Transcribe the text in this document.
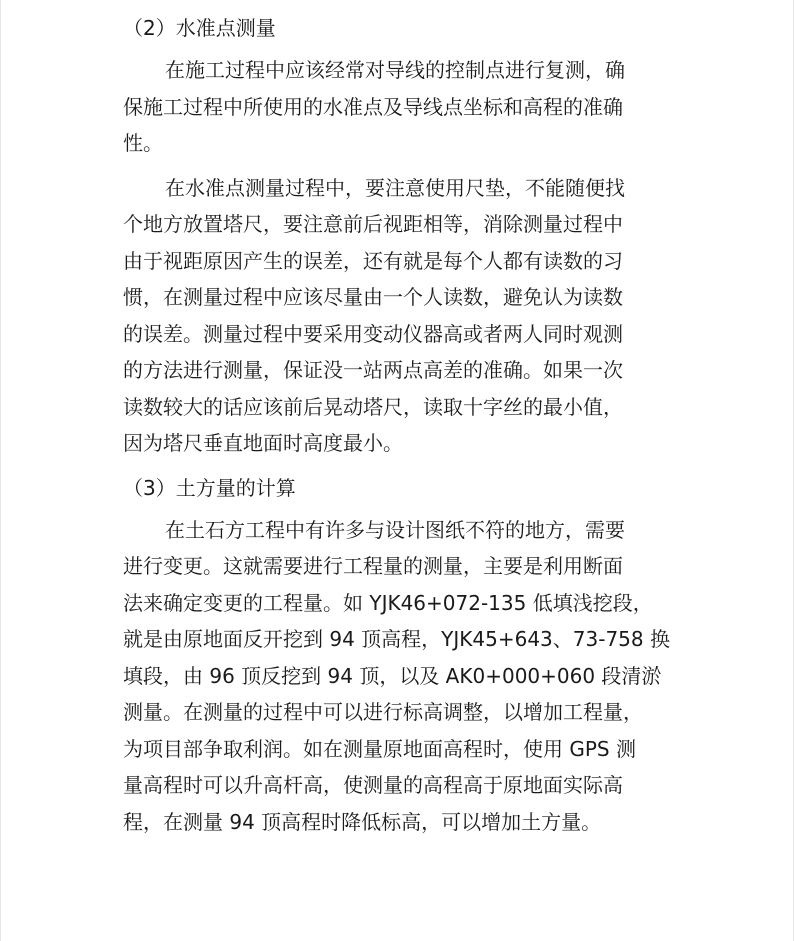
（2）水准点测量
在施工过程中应该经常对导线的控制点进行复测，确
保施工过程中所使用的水准点及导线点坐标和高程的准确
性。
在水准点测量过程中，要注意使用尺垫，不能随便找
个地方放置塔尺，要注意前后视距相等，消除测量过程中
由于视距原因产生的误差，还有就是每个人都有读数的习
惯，在测量过程中应该尽量由一个人读数，避免认为读数
的误差。测量过程中要采用变动仪器高或者两人同时观测
的方法进行测量，保证没一站两点高差的准确。如果一次
读数较大的话应该前后晃动塔尺，读取十字丝的最小值，
因为塔尺垂直地面时高度最小。
（3）土方量的计算
在土石方工程中有许多与设计图纸不符的地方，需要
进行变更。这就需要进行工程量的测量，主要是利用断面
法来确定变更的工程量。如 YJK46+072-135 低填浅挖段，
就是由原地面反开挖到 94 顶高程，YJK45+643、73-758 换
填段，由 96 顶反挖到 94 顶，以及 AK0+000+060 段清淤
测量。在测量的过程中可以进行标高调整，以增加工程量，
为项目部争取利润。如在测量原地面高程时，使用 GPS 测
量高程时可以升高杆高，使测量的高程高于原地面实际高
程，在测量 94 顶高程时降低标高，可以增加土方量。
